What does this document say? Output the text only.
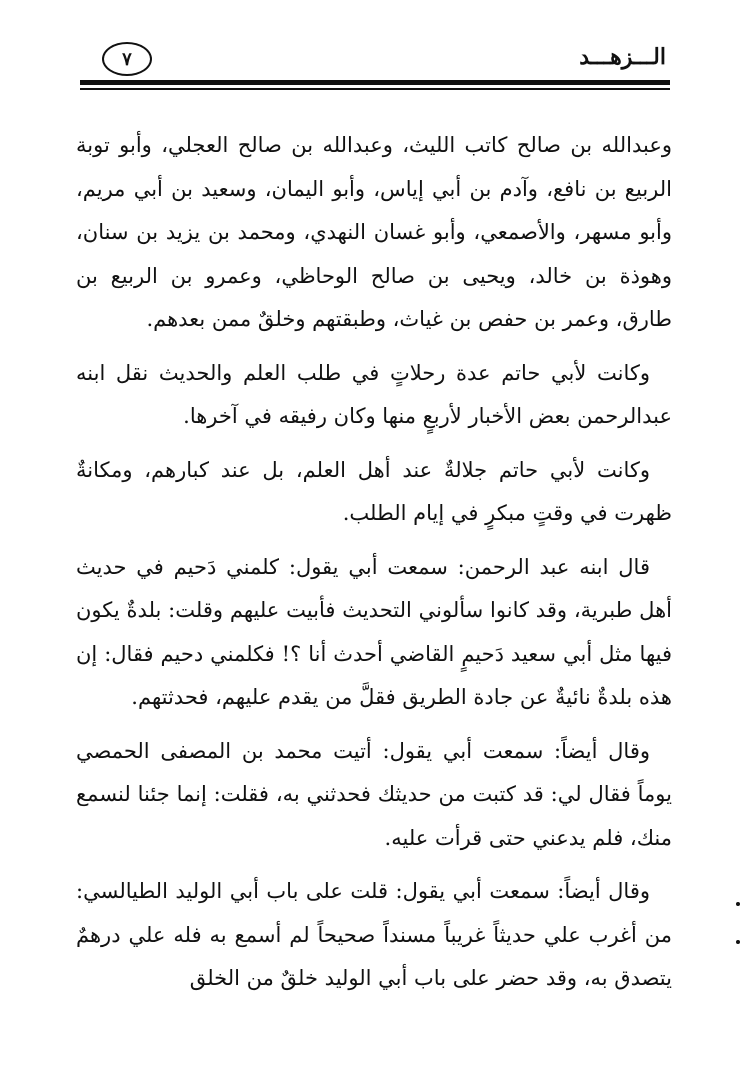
٧	الـــزهـــد

وعبدالله بن صالح كاتب الليث، وعبدالله بن صالح العجلي، وأبو توبة الربيع بن نافع، وآدم بن أبي إياس، وأبو اليمان، وسعيد بن أبي مريم، وأبو مسهر، والأصمعي، وأبو غسان النهدي، ومحمد بن يزيد بن سنان، وهوذة بن خالد، ويحيى بن صالح الوحاظي، وعمرو بن الربيع بن طارق، وعمر بن حفص بن غياث، وطبقتهم وخلقٌ ممن بعدهم.

وكانت لأبي حاتم عدة رحلاتٍ في طلب العلم والحديث نقل ابنه عبدالرحمن بعض الأخبار لأربعٍ منها وكان رفيقه في آخرها.

وكانت لأبي حاتم جلالةٌ عند أهل العلم، بل عند كبارهم، ومكانةٌ ظهرت في وقتٍ مبكرٍ في إيام الطلب.

قال ابنه عبد الرحمن: سمعت أبي يقول: كلمني دَحيم في حديث أهل طبرية، وقد كانوا سألوني التحديث فأبيت عليهم وقلت: بلدةٌ يكون فيها مثل أبي سعيد دَحيمٍ القاضي أحدث أنا ؟! فكلمني دحيم فقال: إن هذه بلدةٌ نائيةٌ عن جادة الطريق فقلَّ من يقدم عليهم، فحدثتهم.

وقال أيضاً: سمعت أبي يقول: أتيت محمد بن المصفى الحمصي يوماً فقال لي: قد كتبت من حديثك فحدثني به، فقلت: إنما جئنا لنسمع منك، فلم يدعني حتى قرأت عليه.

وقال أيضاً: سمعت أبي يقول: قلت على باب أبي الوليد الطيالسي: من أغرب علي حديثاً غريباً مسنداً صحيحاً لم أسمع به فله علي درهمٌ يتصدق به، وقد حضر على باب أبي الوليد خلقٌ من الخلق
